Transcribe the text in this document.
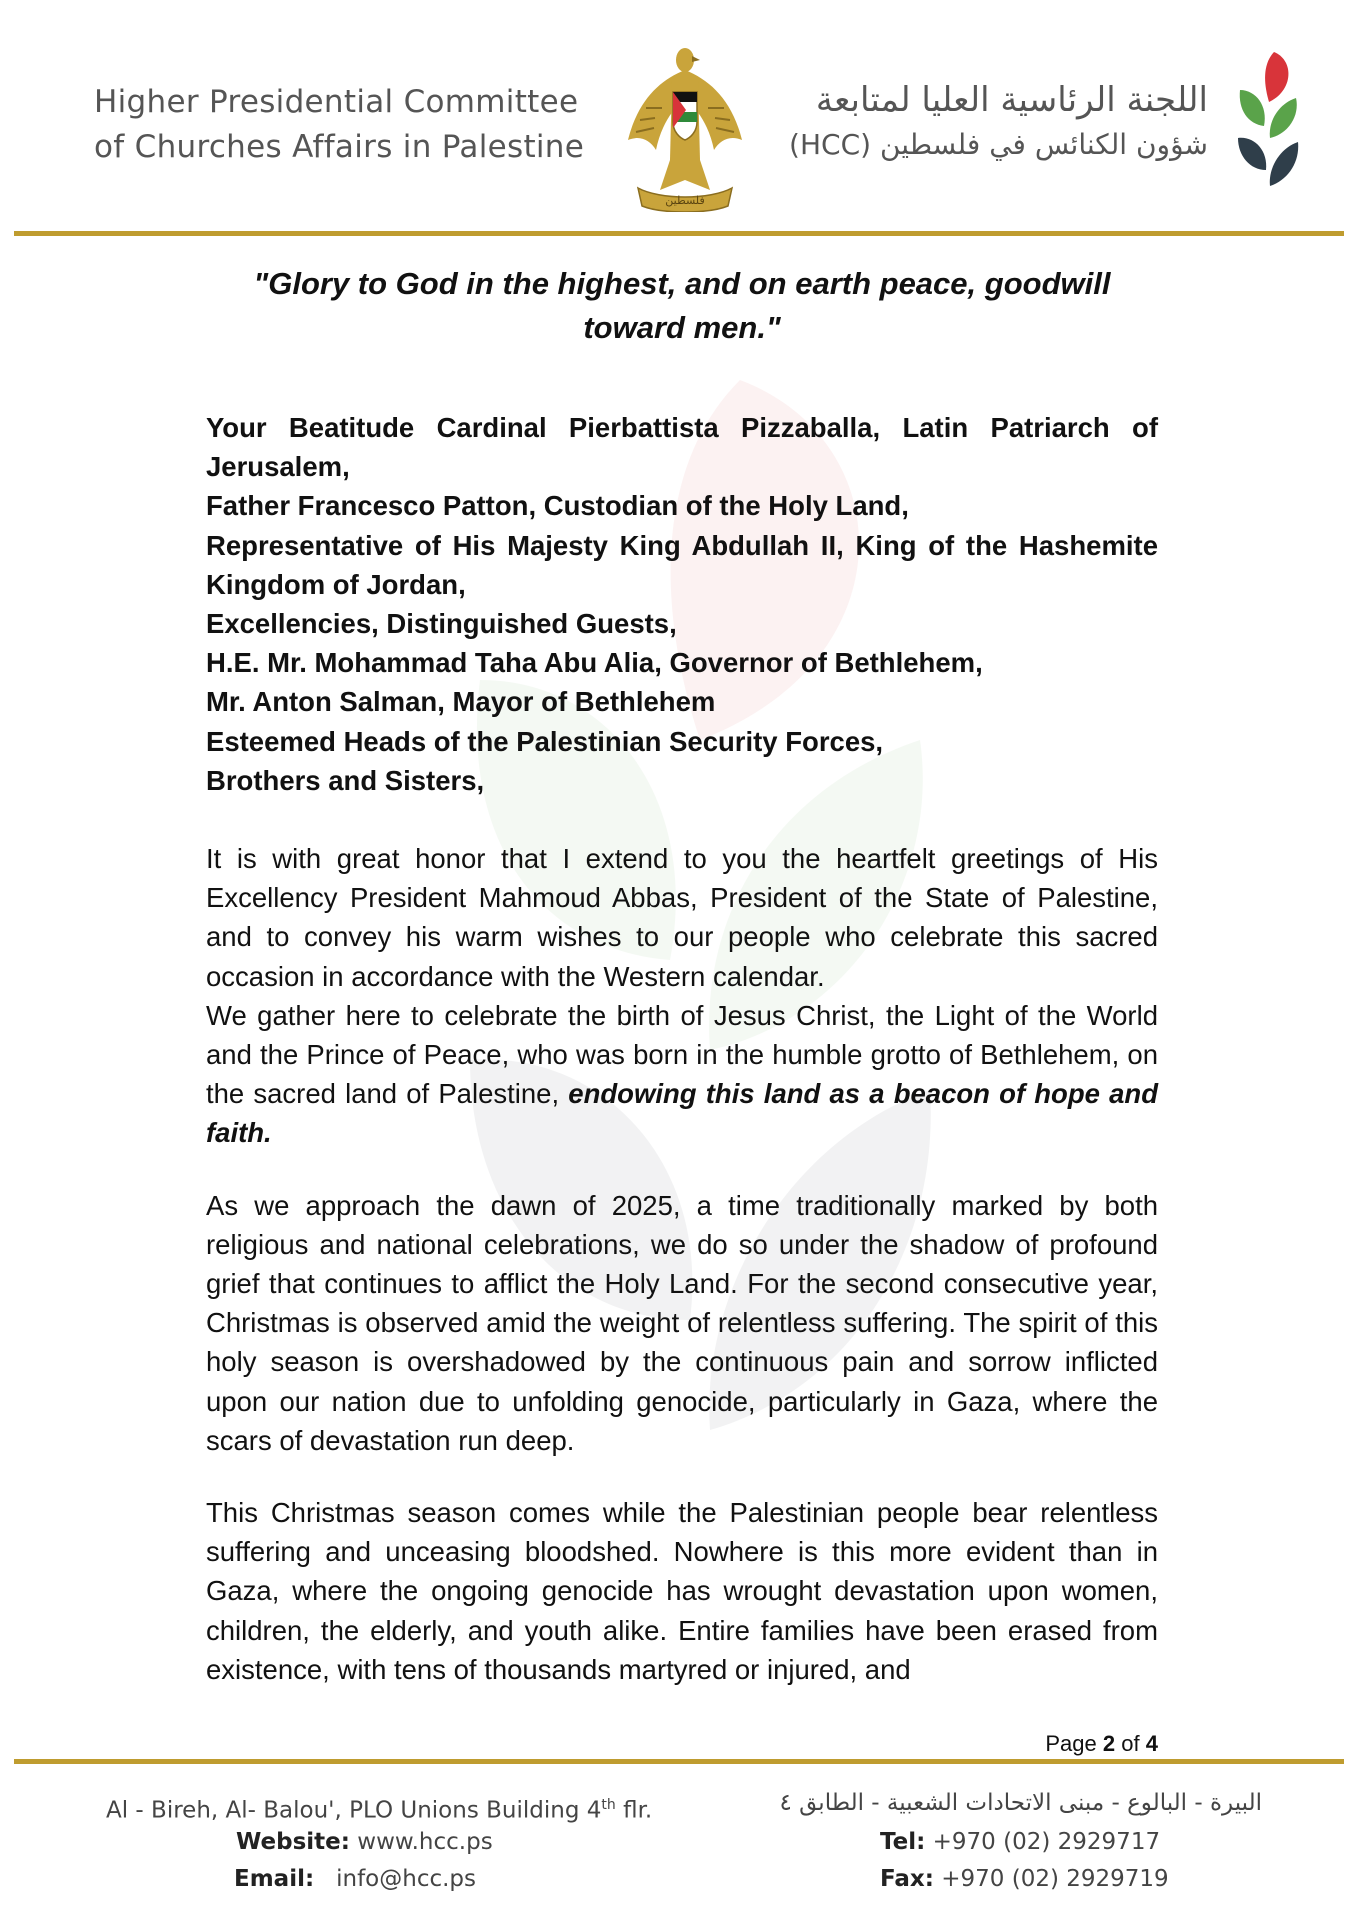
Higher Presidential Committee
of Churches Affairs in Palestine
فلسطين
اللجنة الرئاسية العليا لمتابعة
شؤون الكنائس في فلسطين (HCC)
"Glory to God in the highest, and on earth peace, goodwill toward men."
Your Beatitude Cardinal Pierbattista Pizzaballa, Latin Patriarch of Jerusalem,
Father Francesco Patton, Custodian of the Holy Land,
Representative of His Majesty King Abdullah II, King of the Hashemite Kingdom of Jordan,
Excellencies, Distinguished Guests,
H.E. Mr. Mohammad Taha Abu Alia, Governor of Bethlehem,
Mr. Anton Salman, Mayor of Bethlehem
Esteemed Heads of the Palestinian Security Forces,
Brothers and Sisters,
It is with great honor that I extend to you the heartfelt greetings of His Excellency President Mahmoud Abbas, President of the State of Palestine, and to convey his warm wishes to our people who celebrate this sacred occasion in accordance with the Western calendar.
We gather here to celebrate the birth of Jesus Christ, the Light of the World and the Prince of Peace, who was born in the humble grotto of Bethlehem, on the sacred land of Palestine, endowing this land as a beacon of hope and faith.
As we approach the dawn of 2025, a time traditionally marked by both religious and national celebrations, we do so under the shadow of profound grief that continues to afflict the Holy Land. For the second consecutive year, Christmas is observed amid the weight of relentless suffering. The spirit of this holy season is overshadowed by the continuous pain and sorrow inflicted upon our nation due to unfolding genocide, particularly in Gaza, where the scars of devastation run deep.
This Christmas season comes while the Palestinian people bear relentless suffering and unceasing bloodshed. Nowhere is this more evident than in Gaza, where the ongoing genocide has wrought devastation upon women, children, the elderly, and youth alike. Entire families have been erased from existence, with tens of thousands martyred or injured, and
Page 2 of 4
Al - Bireh, Al- Balou', PLO Unions Building 4th flr.
Website: www.hcc.ps
Email: info@hcc.ps
البيرة - البالوع - مبنى الاتحادات الشعبية - الطابق ٤
Tel: +970 (02) 2929717
Fax: +970 (02) 2929719
